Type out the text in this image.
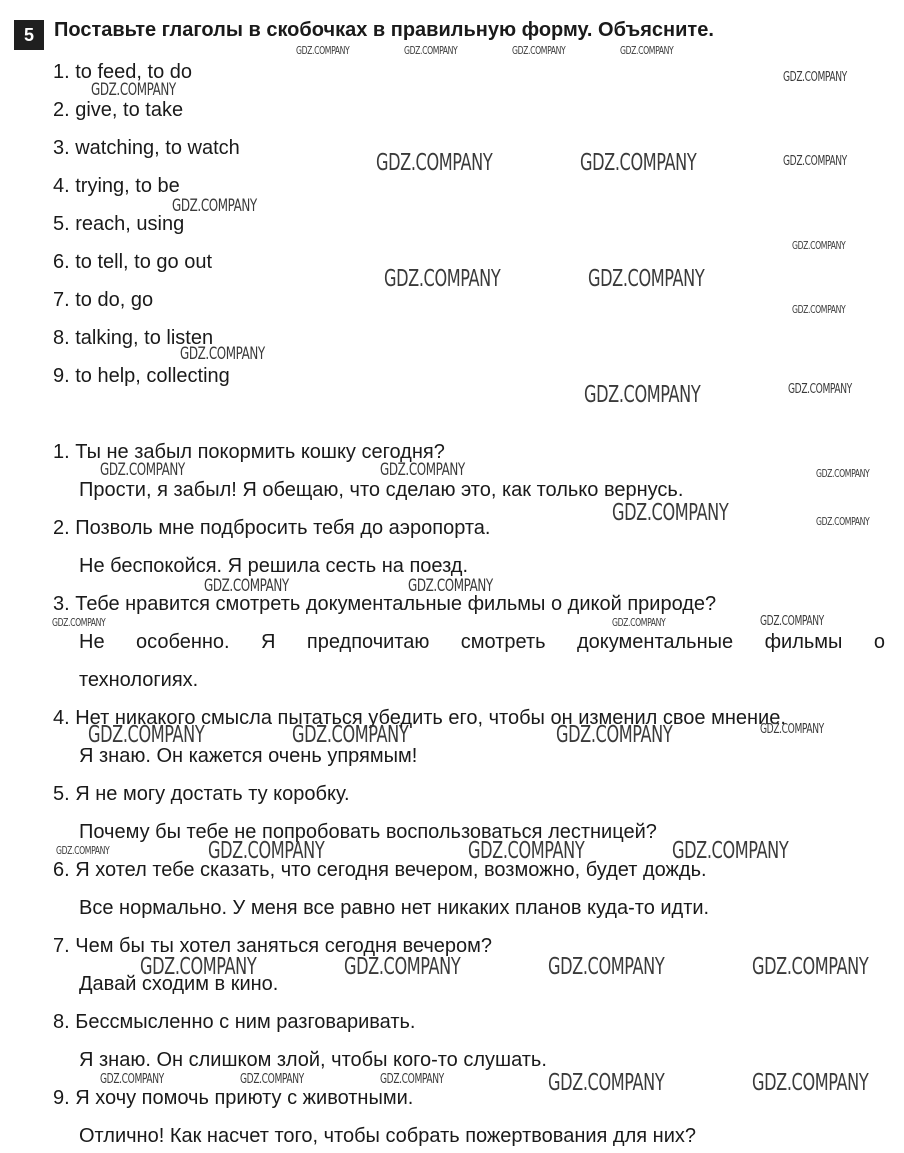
5	Поставьте глаголы в скобочках в правильную форму. Объясните.
1. to feed, to do
2. give, to take
3. watching, to watch
4. trying, to be
5. reach, using
6. to tell, to go out
7. to do, go
8. talking, to listen
9. to help, collecting
1. Ты не забыл покормить кошку сегодня?
Прости, я забыл! Я обещаю, что сделаю это, как только вернусь.
2. Позволь мне подбросить тебя до аэропорта.
Не беспокойся. Я решила сесть на поезд.
3. Тебе нравится смотреть документальные фильмы о дикой природе?
Не особенно. Я предпочитаю смотреть документальные фильмы о
технологиях.
4. Нет никакого смысла пытаться убедить его, чтобы он изменил свое мнение.
Я знаю. Он кажется очень упрямым!
5. Я не могу достать ту коробку.
Почему бы тебе не попробовать воспользоваться лестницей?
6. Я хотел тебе сказать, что сегодня вечером, возможно, будет дождь.
Все нормально. У меня все равно нет никаких планов куда-то идти.
7. Чем бы ты хотел заняться сегодня вечером?
Давай сходим в кино.
8. Бессмысленно с ним разговаривать.
Я знаю. Он слишком злой, чтобы кого-то слушать.
9. Я хочу помочь приюту с животными.
Отлично! Как насчет того, чтобы собрать пожертвования для них?
GDZ.COMPANY	GDZ.COMPANY	GDZ.COMPANY	GDZ.COMPANY
GDZ.COMPANY
GDZ.COMPANY
GDZ.COMPANY	GDZ.COMPANY	GDZ.COMPANY
GDZ.COMPANY
GDZ.COMPANY
GDZ.COMPANY	GDZ.COMPANY
GDZ.COMPANY
GDZ.COMPANY
GDZ.COMPANY	GDZ.COMPANY
GDZ.COMPANY	GDZ.COMPANY	GDZ.COMPANY
GDZ.COMPANY	GDZ.COMPANY
GDZ.COMPANY	GDZ.COMPANY
GDZ.COMPANY	GDZ.COMPANY	GDZ.COMPANY
GDZ.COMPANY	GDZ.COMPANY	GDZ.COMPANY	GDZ.COMPANY
GDZ.COMPANY	GDZ.COMPANY	GDZ.COMPANY	GDZ.COMPANY
GDZ.COMPANY	GDZ.COMPANY	GDZ.COMPANY	GDZ.COMPANY
GDZ.COMPANY	GDZ.COMPANY	GDZ.COMPANY	GDZ.COMPANY	GDZ.COMPANY
